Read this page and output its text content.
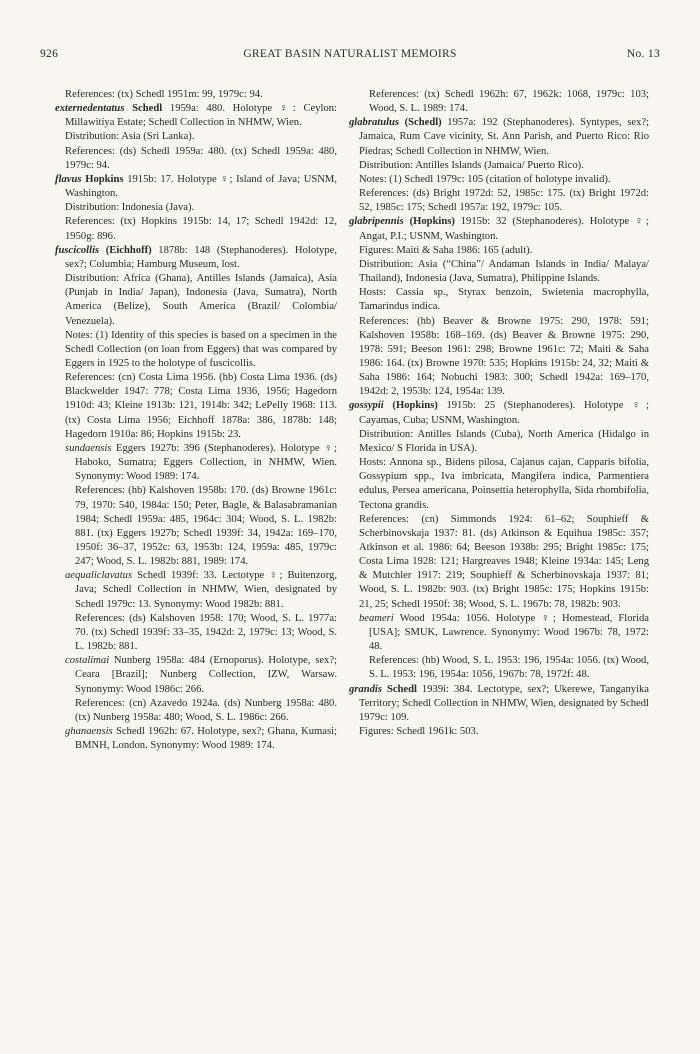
926	GREAT BASIN NATURALIST MEMOIRS	No. 13

References: (tx) Schedl 1951m: 99, 1979c: 94.

externedentatus Schedl 1959a: 480. Holotype ♀: Ceylon: Millawitiya Estate; Schedl Collection in NHMW, Wien.

Distribution: Asia (Sri Lanka).

References: (ds) Schedl 1959a: 480. (tx) Schedl 1959a: 480, 1979c: 94.

flavus Hopkins 1915b: 17. Holotype ♀; Island of Java; USNM, Washington.

Distribution: Indonesia (Java).

References: (tx) Hopkins 1915b: 14, 17; Schedl 1942d: 12, 1950g: 896.

fuscicollis (Eichhoff) 1878b: 148 (Stephanoderes). Holotype, sex?; Columbia; Hamburg Museum, lost.

Distribution: Africa (Ghana), Antilles Islands (Jamaica), Asia (Punjab in India/ Japan), Indonesia (Java, Sumatra), North America (Belize), South America (Brazil/ Colombia/ Venezuela).

Notes: (1) Identity of this species is based on a specimen in the Schedl Collection (on loan from Eggers) that was compared by Eggers in 1925 to the holotype of fuscicollis.

References: (cn) Costa Lima 1956. (hb) Costa Lima 1936. (ds) Blackwelder 1947: 778; Costa Lima 1936, 1956; Hagedorn 1910d: 43; Kleine 1913b: 121, 1914b: 342; LePelly 1968: 113. (tx) Costa Lima 1956; Eichhoff 1878a: 386, 1878b: 148; Hagedorn 1910a: 86; Hopkins 1915b: 23.

sundaensis Eggers 1927b: 396 (Stephanoderes). Holotype ♀; Haboko, Sumatra; Eggers Collection, in NHMW, Wien. Synonymy: Wood 1989: 174.

References: (hb) Kalshoven 1958b: 170. (ds) Browne 1961c: 79, 1970: 540, 1984a: 150; Peter, Bagle, & Balasabramanian 1984; Schedl 1959a: 485, 1964c: 304; Wood, S. L. 1982b: 881. (tx) Eggers 1927b; Schedl 1939f: 34, 1942a: 169–170, 1950f: 36–37, 1952c: 63, 1953b: 124, 1959a: 485, 1979c: 247; Wood, S. L. 1982b: 881, 1989: 174.

aequaliclavatus Schedl 1939f: 33. Lectotype ♀; Buitenzorg, Java; Schedl Collection in NHMW, Wien, designated by Schedl 1979c: 13. Synonymy: Wood 1982b: 881.

References: (ds) Kalshoven 1958: 170; Wood, S. L. 1977a: 70. (tx) Schedl 1939f: 33–35, 1942d: 2, 1979c: 13; Wood, S. L. 1982b: 881.

costalimai Nunberg 1958a: 484 (Ernoporus). Holotype, sex?; Ceara [Brazil]; Nunberg Collection, IZW, Warsaw. Synonymy: Wood 1986c: 266.

References: (cn) Azavedo 1924a. (ds) Nunberg 1958a: 480. (tx) Nunberg 1958a: 480; Wood, S. L. 1986c: 266.

ghanaensis Schedl 1962h: 67. Holotype, sex?; Ghana, Kumasi; BMNH, London. Synonymy: Wood 1989: 174.

References: (tx) Schedl 1962h: 67, 1962k: 1068, 1979c: 103; Wood, S. L. 1989: 174.

glabratulus (Schedl) 1957a: 192 (Stephanoderes). Syntypes, sex?; Jamaica, Rum Cave vicinity, St. Ann Parish, and Puerto Rico: Rio Piedras; Schedl Collection in NHMW, Wien.

Distribution: Antilles Islands (Jamaica/ Puerto Rico).

Notes: (1) Schedl 1979c: 105 (citation of holotype invalid).

References: (ds) Bright 1972d: 52, 1985c: 175. (tx) Bright 1972d: 52, 1985c: 175; Schedl 1957a: 192, 1979c: 105.

glabripennis (Hopkins) 1915b: 32 (Stephanoderes). Holotype ♀; Angat, P.I.; USNM, Washington.

Figures: Maiti & Saha 1986: 165 (adult).

Distribution: Asia (“China”/ Andaman Islands in India/ Malaya/ Thailand), Indonesia (Java, Sumatra), Philippine Islands.

Hosts: Cassia sp., Styrax benzoin, Swietenia macrophylla, Tamarindus indica.

References: (hb) Beaver & Browne 1975: 290, 1978: 591; Kalshoven 1958b: 168–169. (ds) Beaver & Browne 1975: 290, 1978: 591; Beeson 1961: 298; Browne 1961c: 72; Maiti & Saha 1986: 164. (tx) Browne 1970: 535; Hopkins 1915b: 24, 32; Maiti & Saha 1986: 164; Nobuchi 1983: 300; Schedl 1942a: 169–170, 1942d: 2, 1953b: 124, 1954a: 139.

gossypii (Hopkins) 1915b: 25 (Stephanoderes). Holotype ♀; Cayamas, Cuba; USNM, Washington.

Distribution: Antilles Islands (Cuba), North America (Hidalgo in Mexico/ S Florida in USA).

Hosts: Annona sp., Bidens pilosa, Cajanus cajan, Capparis bifolia, Gossypium spp., Iva imbricata, Mangifera indica, Parmentiera edulus, Persea americana, Poinsettia heterophylla, Sida rhombifolia, Tectona grandis.

References: (cn) Simmonds 1924: 61–62; Souphieff & Scherbinovskaja 1937: 81. (ds) Atkinson & Equihua 1985c: 357; Atkinson et al. 1986: 64; Beeson 1938b: 295; Bright 1985c: 175; Costa Lima 1928: 121; Hargreaves 1948; Kleine 1934a: 145; Leng & Mutchler 1917: 219; Souphieff & Scherbinovskaja 1937: 81; Wood, S. L. 1982b: 903. (tx) Bright 1985c: 175; Hopkins 1915b: 21, 25; Schedl 1950f: 38; Wood, S. L. 1967b: 78, 1982b: 903.

beameri Wood 1954a: 1056. Holotype ♀; Homestead, Florida [USA]; SMUK, Lawrence. Synonymy: Wood 1967b: 78, 1972: 48.

References: (hb) Wood, S. L. 1953: 196, 1954a: 1056. (tx) Wood, S. L. 1953: 196, 1954a: 1056, 1967b: 78, 1972f: 48.

grandis Schedl 1939i: 384. Lectotype, sex?; Ukerewe, Tanganyika Territory; Schedl Collection in NHMW, Wien, designated by Schedl 1979c: 109.

Figures: Schedl 1961k: 503.
